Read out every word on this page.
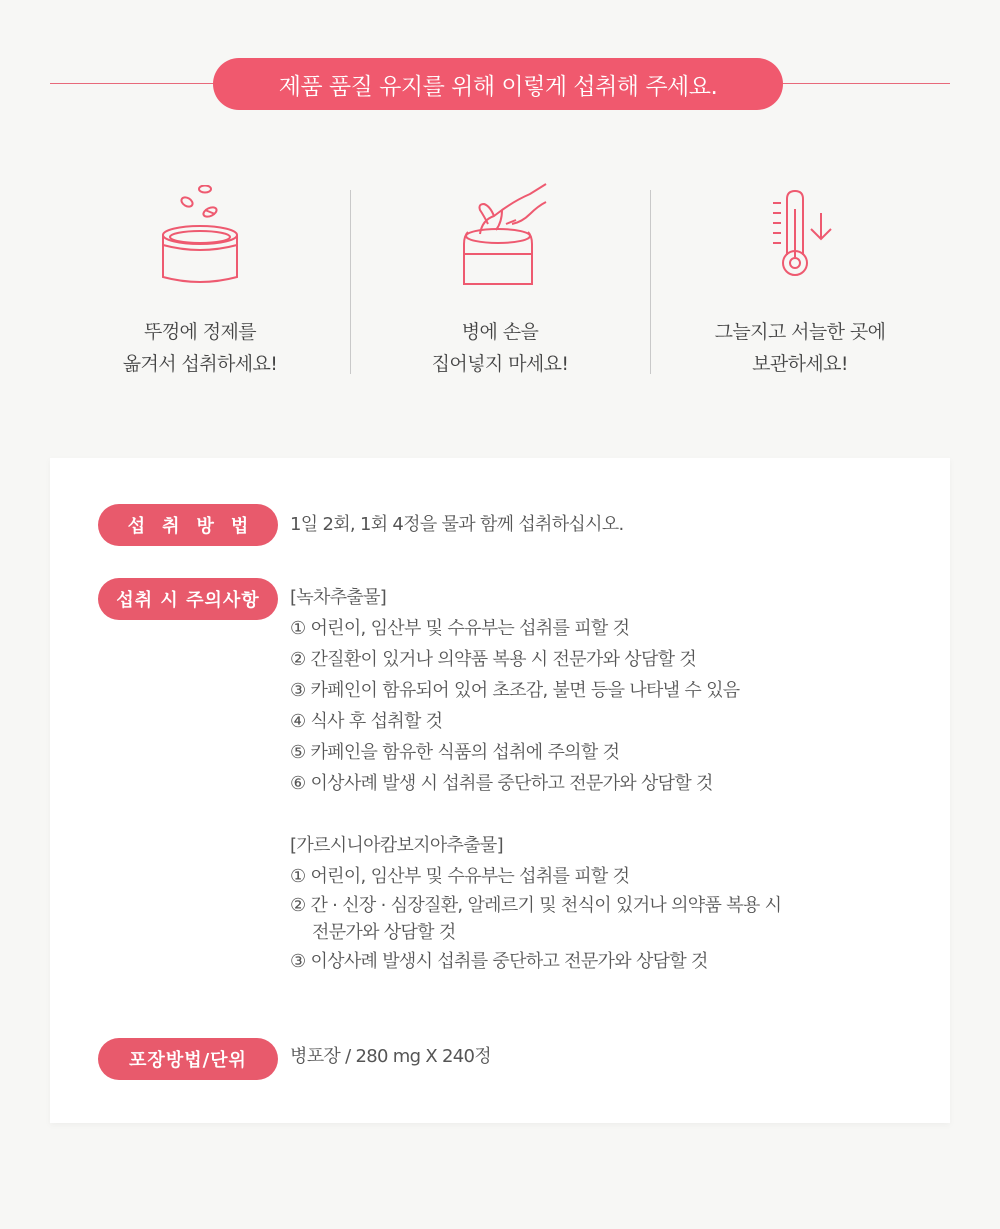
제품 품질 유지를 위해 이렇게 섭취해 주세요.
뚜껑에 정제를
옮겨서 섭취하세요!
병에 손을
집어넣지 마세요!
그늘지고 서늘한 곳에
보관하세요!
섭취방법	1일 2회, 1회 4정을 물과 함께 섭취하십시오.
섭취 시 주의사항	[녹차추출물]
① 어린이, 임산부 및 수유부는 섭취를 피할 것
② 간질환이 있거나 의약품 복용 시 전문가와 상담할 것
③ 카페인이 함유되어 있어 초조감, 불면 등을 나타낼 수 있음
④ 식사 후 섭취할 것
⑤ 카페인을 함유한 식품의 섭취에 주의할 것
⑥ 이상사례 발생 시 섭취를 중단하고 전문가와 상담할 것
[가르시니아캄보지아추출물]
① 어린이, 임산부 및 수유부는 섭취를 피할 것
② 간 · 신장 · 심장질환, 알레르기 및 천식이 있거나 의약품 복용 시
전문가와 상담할 것
③ 이상사례 발생시 섭취를 중단하고 전문가와 상담할 것
포장방법/단위	병포장 / 280 mg X 240정
